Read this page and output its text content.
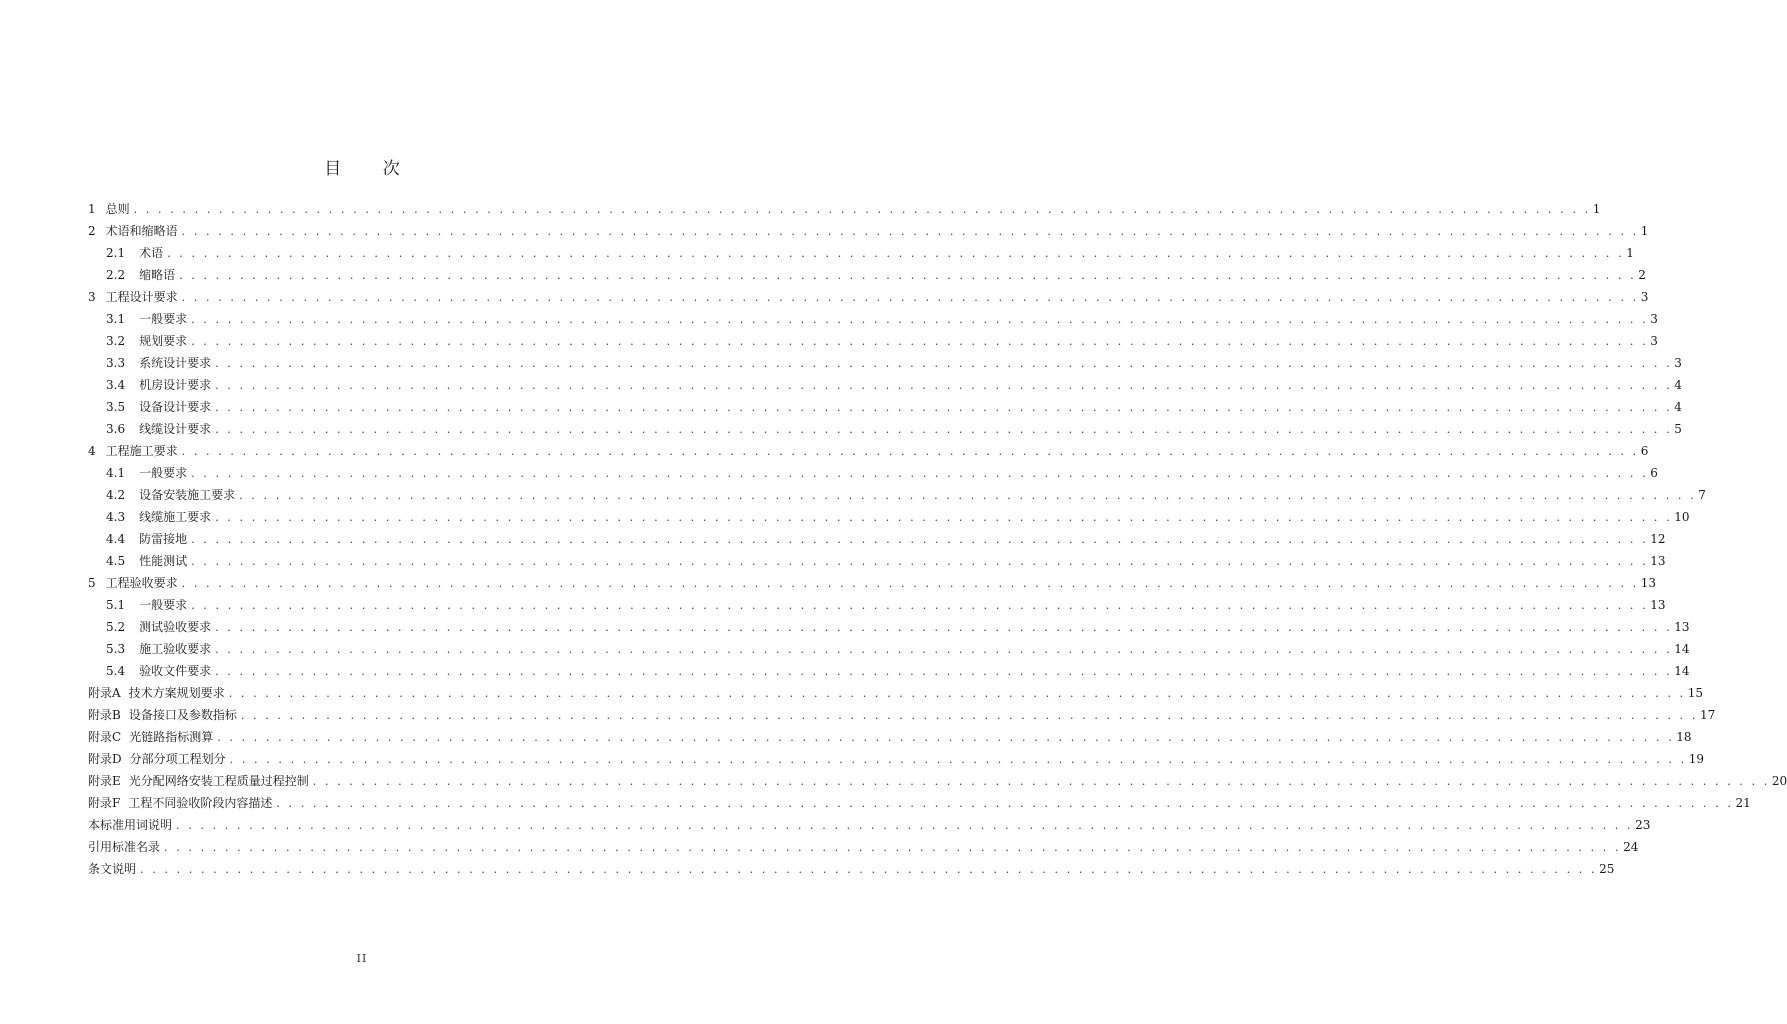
目 次
1 总则 . . . . . . . . . . . . . . . . . . . . . . . . . . . . . . . . . . . . . . . . . . . . . . . . . . . . . . . . . . . . . . . . . . . . . . . . . . . . . . . . . . . . . . . . . . . . . . . . . . . . . . . . . . . . . . . . . . . . . . . . 1
2 术语和缩略语 . . . . . . . . . . . . . . . . . . . . . . . . . . . . . . . . . . . . . . . . . . . . . . . . . . . . . . . . . . . . . . . . . . . . . . . . . . . . . . . . . . . . . . . . . . . . . . . . . . . . . . . . . . . . . . . . . . . . . . . . 1
2.1 术语 . . . . . . . . . . . . . . . . . . . . . . . . . . . . . . . . . . . . . . . . . . . . . . . . . . . . . . . . . . . . . . . . . . . . . . . . . . . . . . . . . . . . . . . . . . . . . . . . . . . . . . . . . . . . . . . . . . . . . . . . 1
2.2 缩略语 . . . . . . . . . . . . . . . . . . . . . . . . . . . . . . . . . . . . . . . . . . . . . . . . . . . . . . . . . . . . . . . . . . . . . . . . . . . . . . . . . . . . . . . . . . . . . . . . . . . . . . . . . . . . . . . . . . . . . . . . 2
3 工程设计要求 . . . . . . . . . . . . . . . . . . . . . . . . . . . . . . . . . . . . . . . . . . . . . . . . . . . . . . . . . . . . . . . . . . . . . . . . . . . . . . . . . . . . . . . . . . . . . . . . . . . . . . . . . . . . . . . . . . . . . . . . 3
3.1 一般要求 . . . . . . . . . . . . . . . . . . . . . . . . . . . . . . . . . . . . . . . . . . . . . . . . . . . . . . . . . . . . . . . . . . . . . . . . . . . . . . . . . . . . . . . . . . . . . . . . . . . . . . . . . . . . . . . . . . . . . . . . 3
3.2 规划要求 . . . . . . . . . . . . . . . . . . . . . . . . . . . . . . . . . . . . . . . . . . . . . . . . . . . . . . . . . . . . . . . . . . . . . . . . . . . . . . . . . . . . . . . . . . . . . . . . . . . . . . . . . . . . . . . . . . . . . . . . 3
3.3 系统设计要求 . . . . . . . . . . . . . . . . . . . . . . . . . . . . . . . . . . . . . . . . . . . . . . . . . . . . . . . . . . . . . . . . . . . . . . . . . . . . . . . . . . . . . . . . . . . . . . . . . . . . . . . . . . . . . . . . . . . . . . . . 3
3.4 机房设计要求 . . . . . . . . . . . . . . . . . . . . . . . . . . . . . . . . . . . . . . . . . . . . . . . . . . . . . . . . . . . . . . . . . . . . . . . . . . . . . . . . . . . . . . . . . . . . . . . . . . . . . . . . . . . . . . . . . . . . . . . . 4
3.5 设备设计要求 . . . . . . . . . . . . . . . . . . . . . . . . . . . . . . . . . . . . . . . . . . . . . . . . . . . . . . . . . . . . . . . . . . . . . . . . . . . . . . . . . . . . . . . . . . . . . . . . . . . . . . . . . . . . . . . . . . . . . . . . 4
3.6 线缆设计要求 . . . . . . . . . . . . . . . . . . . . . . . . . . . . . . . . . . . . . . . . . . . . . . . . . . . . . . . . . . . . . . . . . . . . . . . . . . . . . . . . . . . . . . . . . . . . . . . . . . . . . . . . . . . . . . . . . . . . . . . . 5
4 工程施工要求 . . . . . . . . . . . . . . . . . . . . . . . . . . . . . . . . . . . . . . . . . . . . . . . . . . . . . . . . . . . . . . . . . . . . . . . . . . . . . . . . . . . . . . . . . . . . . . . . . . . . . . . . . . . . . . . . . . . . . . . . 6
4.1 一般要求 . . . . . . . . . . . . . . . . . . . . . . . . . . . . . . . . . . . . . . . . . . . . . . . . . . . . . . . . . . . . . . . . . . . . . . . . . . . . . . . . . . . . . . . . . . . . . . . . . . . . . . . . . . . . . . . . . . . . . . . . 6
4.2 设备安装施工要求 . . . . . . . . . . . . . . . . . . . . . . . . . . . . . . . . . . . . . . . . . . . . . . . . . . . . . . . . . . . . . . . . . . . . . . . . . . . . . . . . . . . . . . . . . . . . . . . . . . . . . . . . . . . . . . . . . . . . . . . . 7
4.3 线缆施工要求 . . . . . . . . . . . . . . . . . . . . . . . . . . . . . . . . . . . . . . . . . . . . . . . . . . . . . . . . . . . . . . . . . . . . . . . . . . . . . . . . . . . . . . . . . . . . . . . . . . . . . . . . . . . . . . . . . . . . . . . . 10
4.4 防雷接地 . . . . . . . . . . . . . . . . . . . . . . . . . . . . . . . . . . . . . . . . . . . . . . . . . . . . . . . . . . . . . . . . . . . . . . . . . . . . . . . . . . . . . . . . . . . . . . . . . . . . . . . . . . . . . . . . . . . . . . . . 12
4.5 性能测试 . . . . . . . . . . . . . . . . . . . . . . . . . . . . . . . . . . . . . . . . . . . . . . . . . . . . . . . . . . . . . . . . . . . . . . . . . . . . . . . . . . . . . . . . . . . . . . . . . . . . . . . . . . . . . . . . . . . . . . . . 13
5 工程验收要求 . . . . . . . . . . . . . . . . . . . . . . . . . . . . . . . . . . . . . . . . . . . . . . . . . . . . . . . . . . . . . . . . . . . . . . . . . . . . . . . . . . . . . . . . . . . . . . . . . . . . . . . . . . . . . . . . . . . . . . . . 13
5.1 一般要求 . . . . . . . . . . . . . . . . . . . . . . . . . . . . . . . . . . . . . . . . . . . . . . . . . . . . . . . . . . . . . . . . . . . . . . . . . . . . . . . . . . . . . . . . . . . . . . . . . . . . . . . . . . . . . . . . . . . . . . . . 13
5.2 测试验收要求 . . . . . . . . . . . . . . . . . . . . . . . . . . . . . . . . . . . . . . . . . . . . . . . . . . . . . . . . . . . . . . . . . . . . . . . . . . . . . . . . . . . . . . . . . . . . . . . . . . . . . . . . . . . . . . . . . . . . . . . . 13
5.3 施工验收要求 . . . . . . . . . . . . . . . . . . . . . . . . . . . . . . . . . . . . . . . . . . . . . . . . . . . . . . . . . . . . . . . . . . . . . . . . . . . . . . . . . . . . . . . . . . . . . . . . . . . . . . . . . . . . . . . . . . . . . . . . 14
5.4 验收文件要求 . . . . . . . . . . . . . . . . . . . . . . . . . . . . . . . . . . . . . . . . . . . . . . . . . . . . . . . . . . . . . . . . . . . . . . . . . . . . . . . . . . . . . . . . . . . . . . . . . . . . . . . . . . . . . . . . . . . . . . . . 14
附录A 技术方案规划要求 . . . . . . . . . . . . . . . . . . . . . . . . . . . . . . . . . . . . . . . . . . . . . . . . . . . . . . . . . . . . . . . . . . . . . . . . . . . . . . . . . . . . . . . . . . . . . . . . . . . . . . . . . . . . . . . . . . . . . . . . 15
附录B 设备接口及参数指标 . . . . . . . . . . . . . . . . . . . . . . . . . . . . . . . . . . . . . . . . . . . . . . . . . . . . . . . . . . . . . . . . . . . . . . . . . . . . . . . . . . . . . . . . . . . . . . . . . . . . . . . . . . . . . . . . . . . . . . . . 17
附录C 光链路指标测算 . . . . . . . . . . . . . . . . . . . . . . . . . . . . . . . . . . . . . . . . . . . . . . . . . . . . . . . . . . . . . . . . . . . . . . . . . . . . . . . . . . . . . . . . . . . . . . . . . . . . . . . . . . . . . . . . . . . . . . . . 18
附录D 分部分项工程划分 . . . . . . . . . . . . . . . . . . . . . . . . . . . . . . . . . . . . . . . . . . . . . . . . . . . . . . . . . . . . . . . . . . . . . . . . . . . . . . . . . . . . . . . . . . . . . . . . . . . . . . . . . . . . . . . . . . . . . . . . 19
附录E 光分配网络安装工程质量过程控制 . . . . . . . . . . . . . . . . . . . . . . . . . . . . . . . . . . . . . . . . . . . . . . . . . . . . . . . . . . . . . . . . . . . . . . . . . . . . . . . . . . . . . . . . . . . . . . . . . . . . . . . . . . . . . . . . . . . . . . . . 20
附录F 工程不同验收阶段内容描述 . . . . . . . . . . . . . . . . . . . . . . . . . . . . . . . . . . . . . . . . . . . . . . . . . . . . . . . . . . . . . . . . . . . . . . . . . . . . . . . . . . . . . . . . . . . . . . . . . . . . . . . . . . . . . . . . . . . . . . . . 21
本标准用词说明 . . . . . . . . . . . . . . . . . . . . . . . . . . . . . . . . . . . . . . . . . . . . . . . . . . . . . . . . . . . . . . . . . . . . . . . . . . . . . . . . . . . . . . . . . . . . . . . . . . . . . . . . . . . . . . . . . . . . . . . . 23
引用标准名录 . . . . . . . . . . . . . . . . . . . . . . . . . . . . . . . . . . . . . . . . . . . . . . . . . . . . . . . . . . . . . . . . . . . . . . . . . . . . . . . . . . . . . . . . . . . . . . . . . . . . . . . . . . . . . . . . . . . . . . . . 24
条文说明 . . . . . . . . . . . . . . . . . . . . . . . . . . . . . . . . . . . . . . . . . . . . . . . . . . . . . . . . . . . . . . . . . . . . . . . . . . . . . . . . . . . . . . . . . . . . . . . . . . . . . . . . . . . . . . . . . . . . . . . . 25
II
